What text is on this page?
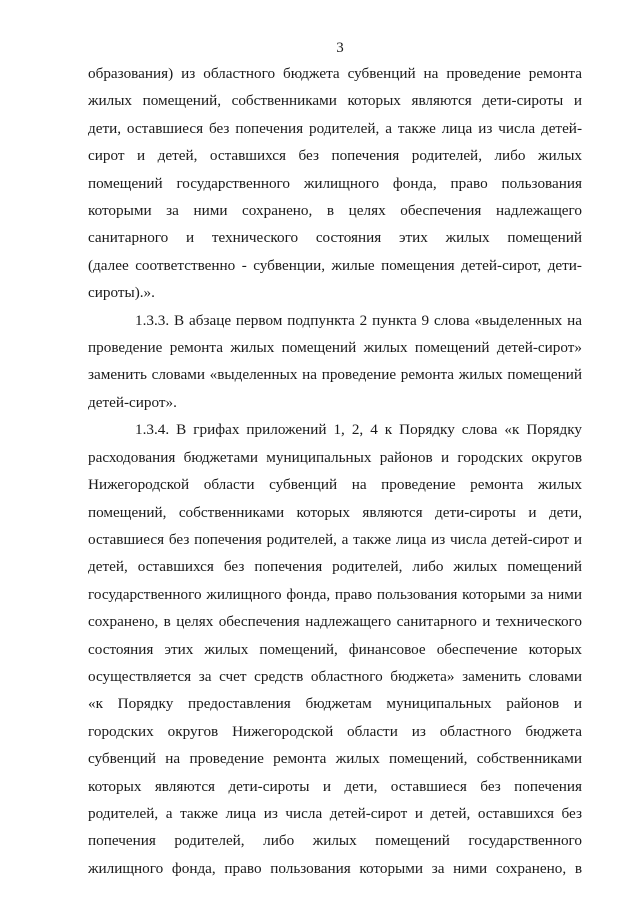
3
образования) из областного бюджета субвенций на проведение ремонта
жилых помещений, собственниками которых являются дети-сироты и
дети, оставшиеся без попечения родителей, а также лица из числа детей-
сирот и детей, оставшихся без попечения родителей, либо жилых
помещений государственного жилищного фонда, право пользования
которыми за ними сохранено, в целях обеспечения надлежащего
санитарного и технического состояния этих жилых помещений
(далее соответственно - субвенции, жилые помещения детей-сирот, дети-
сироты).».
1.3.3. В абзаце первом подпункта 2 пункта 9 слова «выделенных на
проведение ремонта жилых помещений жилых помещений детей-сирот»
заменить словами «выделенных на проведение ремонта жилых помещений
детей-сирот».
1.3.4. В грифах приложений 1, 2, 4 к Порядку слова «к Порядку
расходования бюджетами муниципальных районов и городских округов
Нижегородской области субвенций на проведение ремонта жилых
помещений, собственниками которых являются дети-сироты и дети,
оставшиеся без попечения родителей, а также лица из числа детей-сирот и
детей, оставшихся без попечения родителей, либо жилых помещений
государственного жилищного фонда, право пользования которыми за ними
сохранено, в целях обеспечения надлежащего санитарного и технического
состояния этих жилых помещений, финансовое обеспечение которых
осуществляется за счет средств областного бюджета» заменить словами
«к Порядку предоставления бюджетам муниципальных районов и
городских округов Нижегородской области из областного бюджета
субвенций на проведение ремонта жилых помещений, собственниками
которых являются дети-сироты и дети, оставшиеся без попечения
родителей, а также лица из числа детей-сирот и детей, оставшихся без
попечения родителей, либо жилых помещений государственного
жилищного фонда, право пользования которыми за ними сохранено, в
